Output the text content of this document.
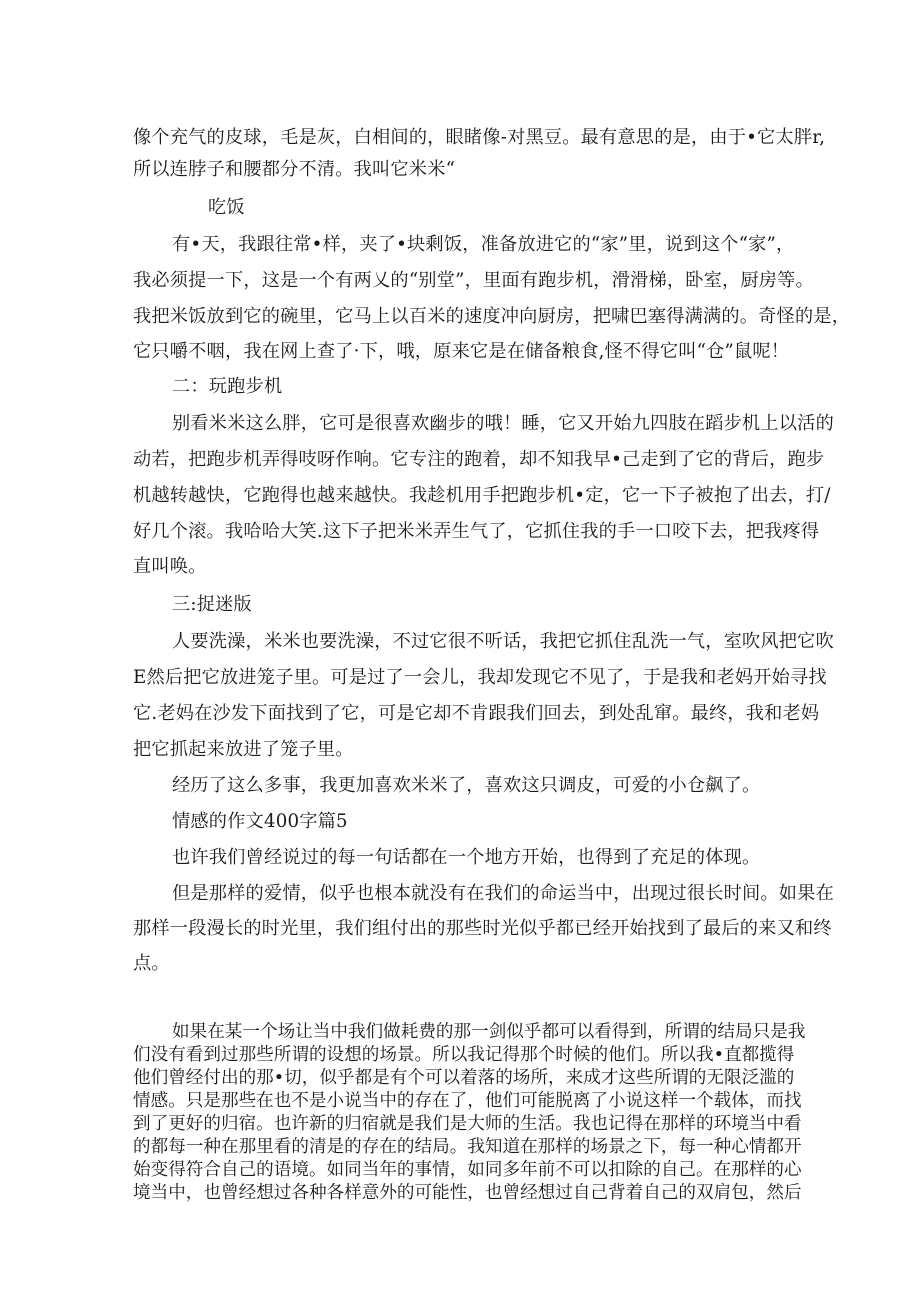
像个充气的皮球，毛是灰，白相间的，眼睹像-对黑豆。最有意思的是，由于•它太胖r,
所以连脖子和腰都分不清。我叫它米米“
吃饭
有•天，我跟往常•样，夹了•块剩饭，准备放进它的“家”里，说到这个“家”，
我必须提一下，这是一个有两乂的“别堂”，里面有跑步机，滑滑梯，卧室，厨房等。
我把米饭放到它的碗里，它马上以百米的速度冲向厨房，把啸巴塞得满满的。奇怪的是，
它只嚼不咽，我在网上查了·下，哦，原来它是在储备粮食,怪不得它叫“仓”鼠呢！
二：玩跑步机
别看米米这么胖，它可是很喜欢幽步的哦！睡，它又开始九四肢在蹈步机上以活的
动若，把跑步机弄得吱呀作响。它专注的跑着，却不知我早•己走到了它的背后，跑步
机越转越快，它跑得也越来越快。我趁机用手把跑步机•定，它一下子被抱了出去，打/
好几个滚。我哈哈大笑.这下子把米米弄生气了，它抓住我的手一口咬下去，把我疼得
直叫唤。
三:捉迷版
人要洗澡，米米也要洗澡，不过它很不听话，我把它抓住乱洗一气，室吹风把它吹
E然后把它放进笼子里。可是过了一会儿，我却发现它不见了，于是我和老妈开始寻找
它.老妈在沙发下面找到了它，可是它却不肯跟我们回去，到处乱窜。最终，我和老妈
把它抓起来放进了笼子里。
经历了这么多事，我更加喜欢米米了，喜欢这只调皮，可爱的小仓飙了。
情感的作文400字篇5
也许我们曾经说过的每一句话都在一个地方开始，也得到了充足的体现。
但是那样的爱情，似乎也根本就没有在我们的命运当中，出现过很长时间。如果在
那样一段漫长的时光里，我们组付出的那些时光似乎都已经开始找到了最后的来又和终
点。
如果在某一个场让当中我们做耗费的那一剑似乎都可以看得到，所谓的结局只是我
们没有看到过那些所谓的设想的场景。所以我记得那个时候的他们。所以我•直都揽得
他们曾经付出的那•切，似乎都是有个可以着落的场所，来成才这些所谓的无限泛滥的
情感。只是那些在也不是小说当中的存在了，他们可能脱离了小说这样一个载体，而找
到了更好的归宿。也许新的归宿就是我们是大师的生活。我也记得在那样的环境当中看
的都每一种在那里看的清是的存在的结局。我知道在那样的场景之下，每一种心情都开
始变得符合自己的语境。如同当年的事情，如同多年前不可以扣除的自己。在那样的心
境当中，也曾经想过各种各样意外的可能性，也曾经想过自己背着自己的双肩包，然后
